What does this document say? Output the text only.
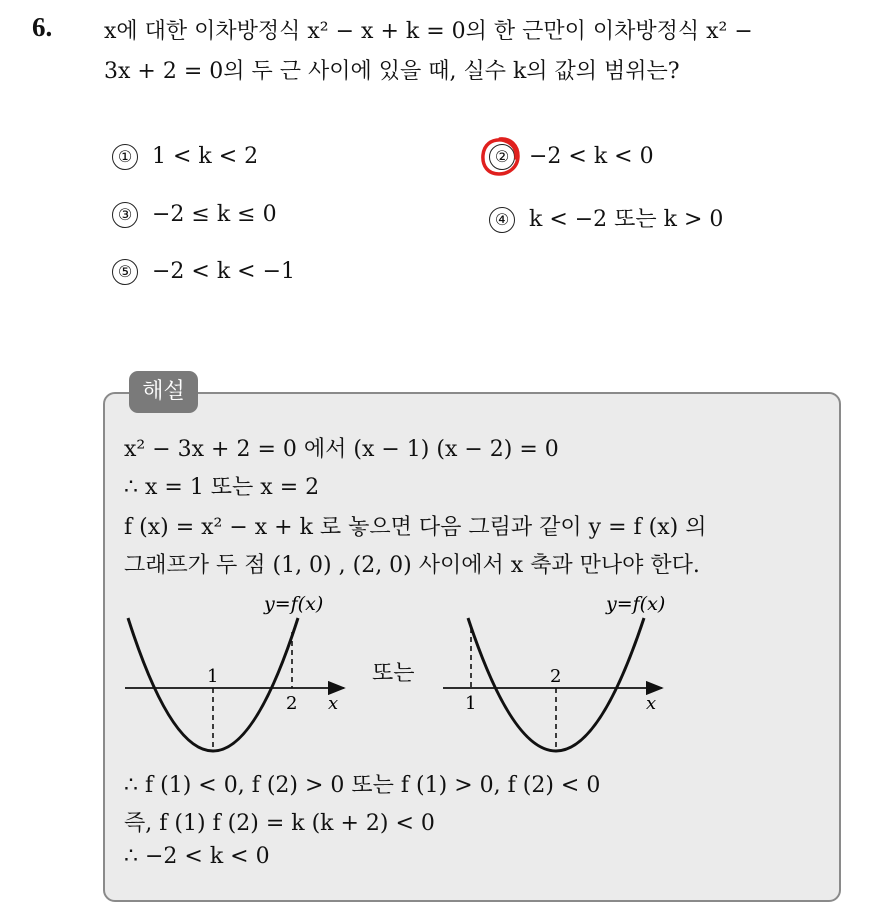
6. x에 대한 이차방정식 x² − x + k = 0의 한 근만이 이차방정식 x² −
3x + 2 = 0의 두 근 사이에 있을 때, 실수 k의 값의 범위는?
① 1 < k < 2	② −2 < k < 0
③ −2 ≤ k ≤ 0	④ k < −2 또는 k > 0
⑤ −2 < k < −1
해설
x² − 3x + 2 = 0 에서 (x − 1) (x − 2) = 0
∴ x = 1 또는 x = 2
f (x) = x² − x + k 로 놓으면 다음 그림과 같이 y = f (x) 의
그래프가 두 점 (1, 0) , (2, 0) 사이에서 x 축과 만나야 한다.
y=f(x)
1
2 x
또는
y=f(x)
2
1	x
∴ f (1) < 0, f (2) > 0 또는 f (1) > 0, f (2) < 0
즉, f (1) f (2) = k (k + 2) < 0
∴ −2 < k < 0
